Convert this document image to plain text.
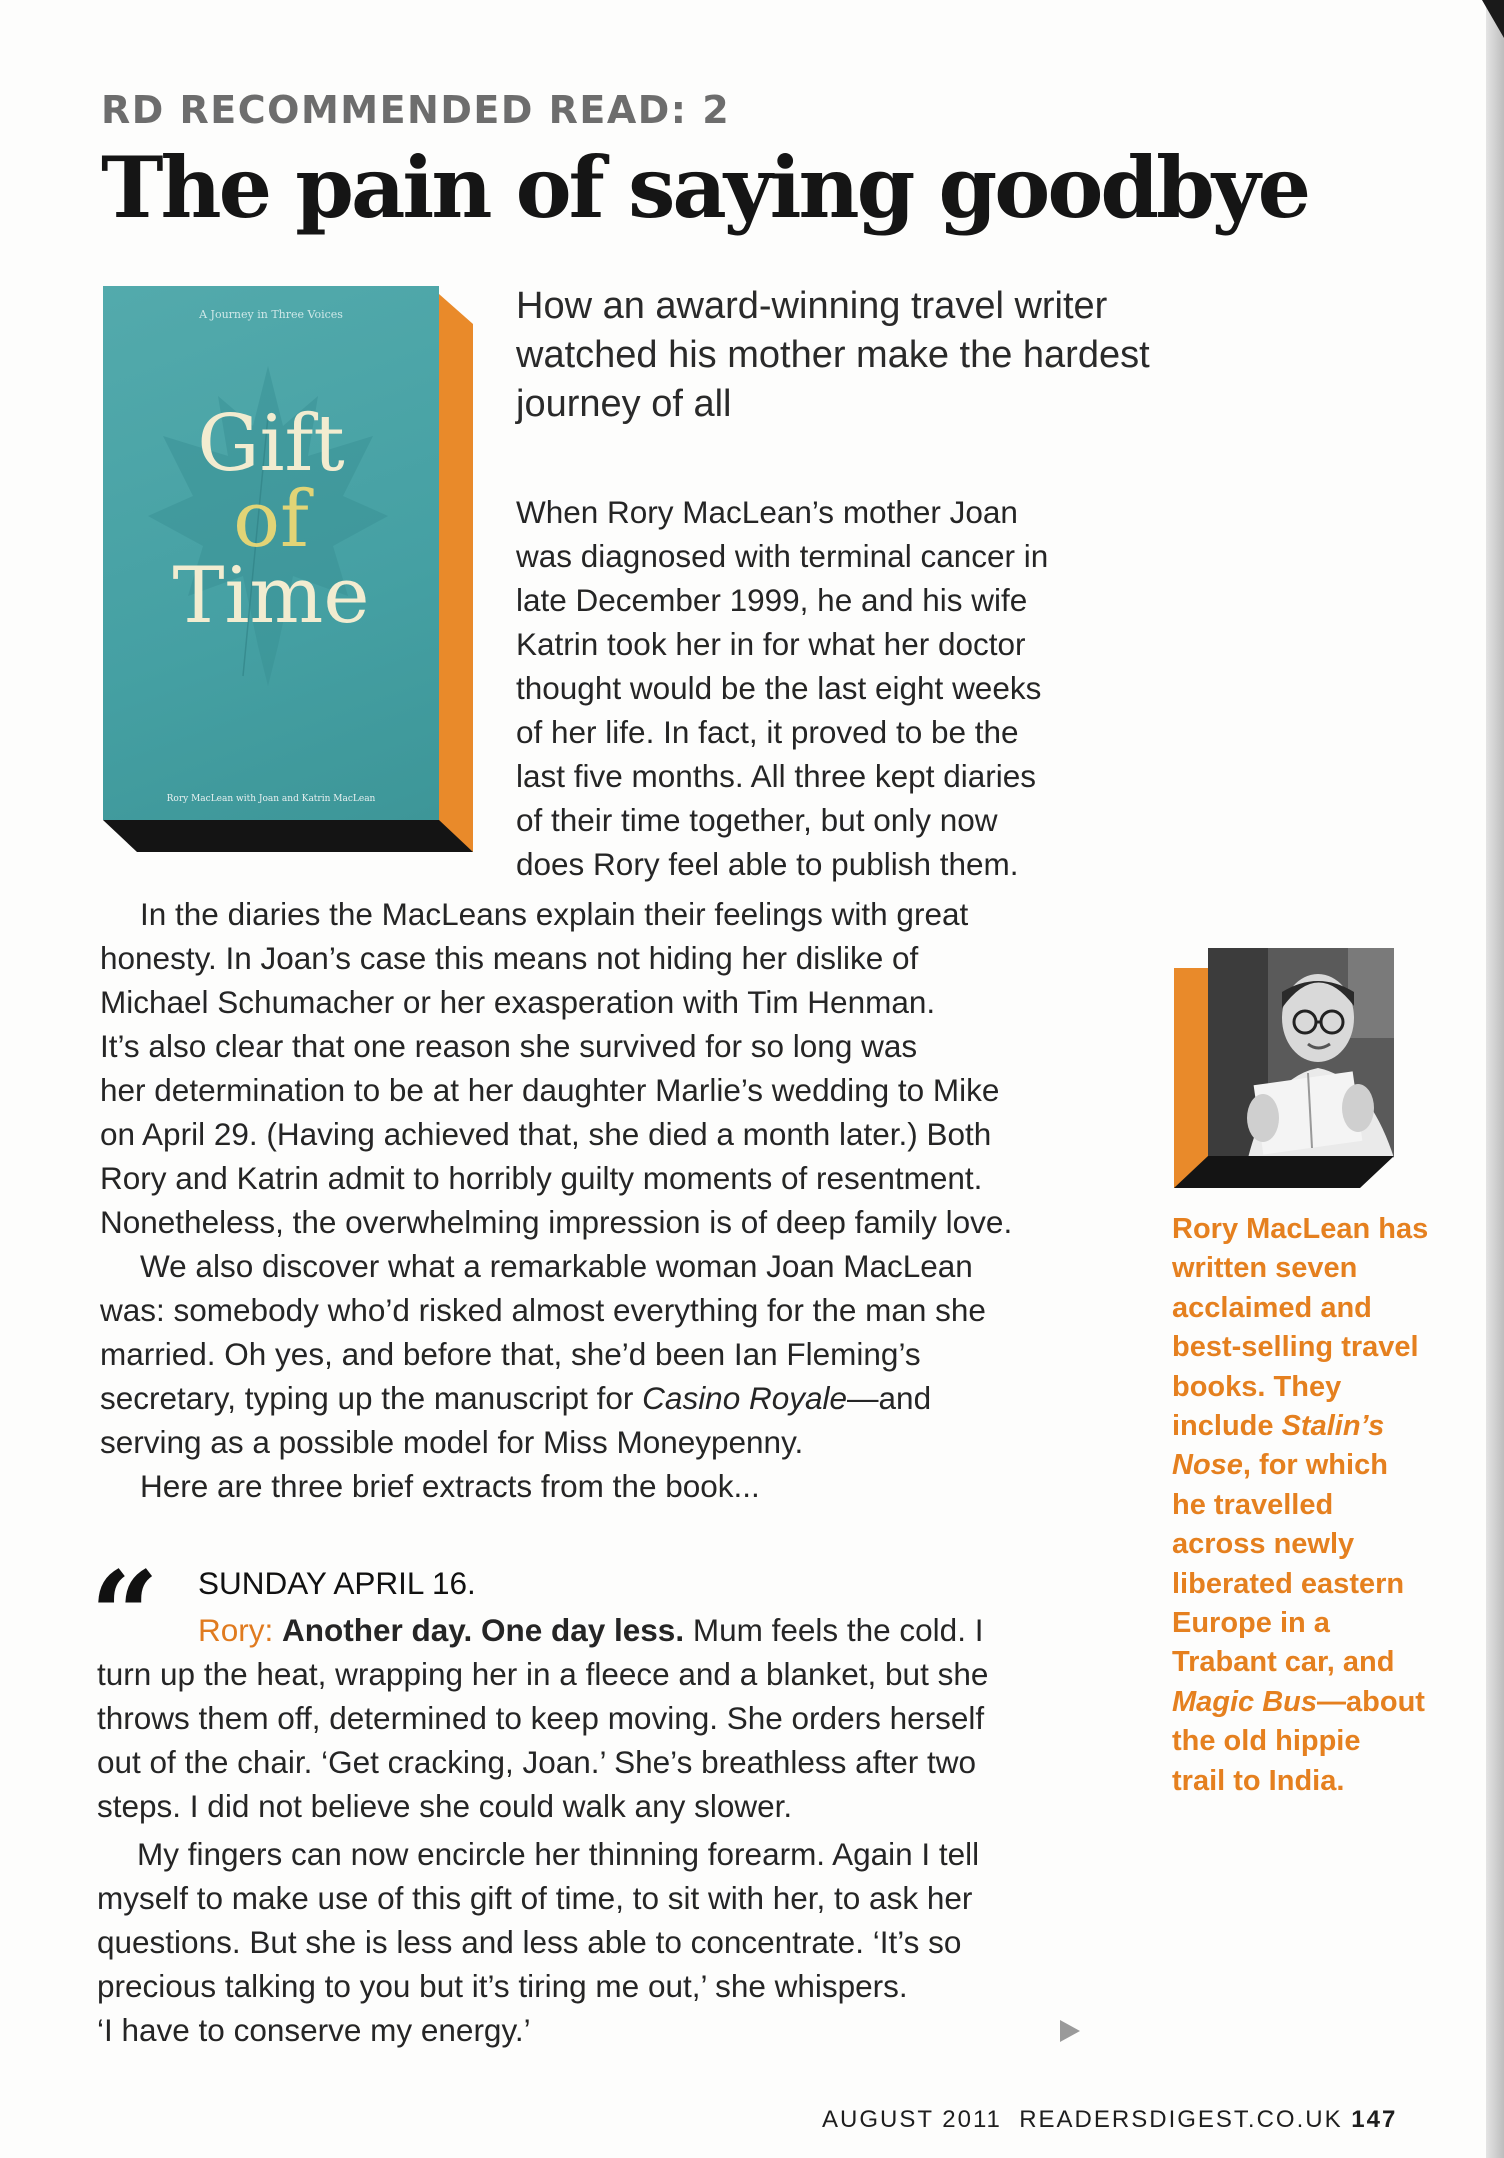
RD RECOMMENDED READ: 2
The pain of saying goodbye
A Journey in Three Voices
Gift
of
Time
Rory MacLean with Joan and Katrin MacLean
How an award-winning travel writer watched his mother make the hardest journey of all
When Rory MacLean’s mother Joan
was diagnosed with terminal cancer in
late December 1999, he and his wife
Katrin took her in for what her doctor
thought would be the last eight weeks
of her life. In fact, it proved to be the
last five months. All three kept diaries
of their time together, but only now
does Rory feel able to publish them.
In the diaries the MacLeans explain their feelings with great
honesty. In Joan’s case this means not hiding her dislike of
Michael Schumacher or her exasperation with Tim Henman.
It’s also clear that one reason she survived for so long was
her determination to be at her daughter Marlie’s wedding to Mike
on April 29. (Having achieved that, she died a month later.) Both
Rory and Katrin admit to horribly guilty moments of resentment.
Nonetheless, the overwhelming impression is of deep family love.
We also discover what a remarkable woman Joan MacLean
was: somebody who’d risked almost everything for the man she
married. Oh yes, and before that, she’d been Ian Fleming’s
secretary, typing up the manuscript for Casino Royale—and
serving as a possible model for Miss Moneypenny.
Here are three brief extracts from the book...
“ SUNDAY APRIL 16.
Rory: Another day. One day less. Mum feels the cold. I
turn up the heat, wrapping her in a fleece and a blanket, but she
throws them off, determined to keep moving. She orders herself
out of the chair. ‘Get cracking, Joan.’ She’s breathless after two
steps. I did not believe she could walk any slower.
My fingers can now encircle her thinning forearm. Again I tell
myself to make use of this gift of time, to sit with her, to ask her
questions. But she is less and less able to concentrate. ‘It’s so
precious talking to you but it’s tiring me out,’ she whispers.
‘I have to conserve my energy.’
Rory MacLean has
written seven
acclaimed and
best-selling travel
books. They
include Stalin’s
Nose, for which
he travelled
across newly
liberated eastern
Europe in a
Trabant car, and
Magic Bus—about
the old hippie
trail to India.
AUGUST 2011 READERSDIGEST.CO.UK 147
